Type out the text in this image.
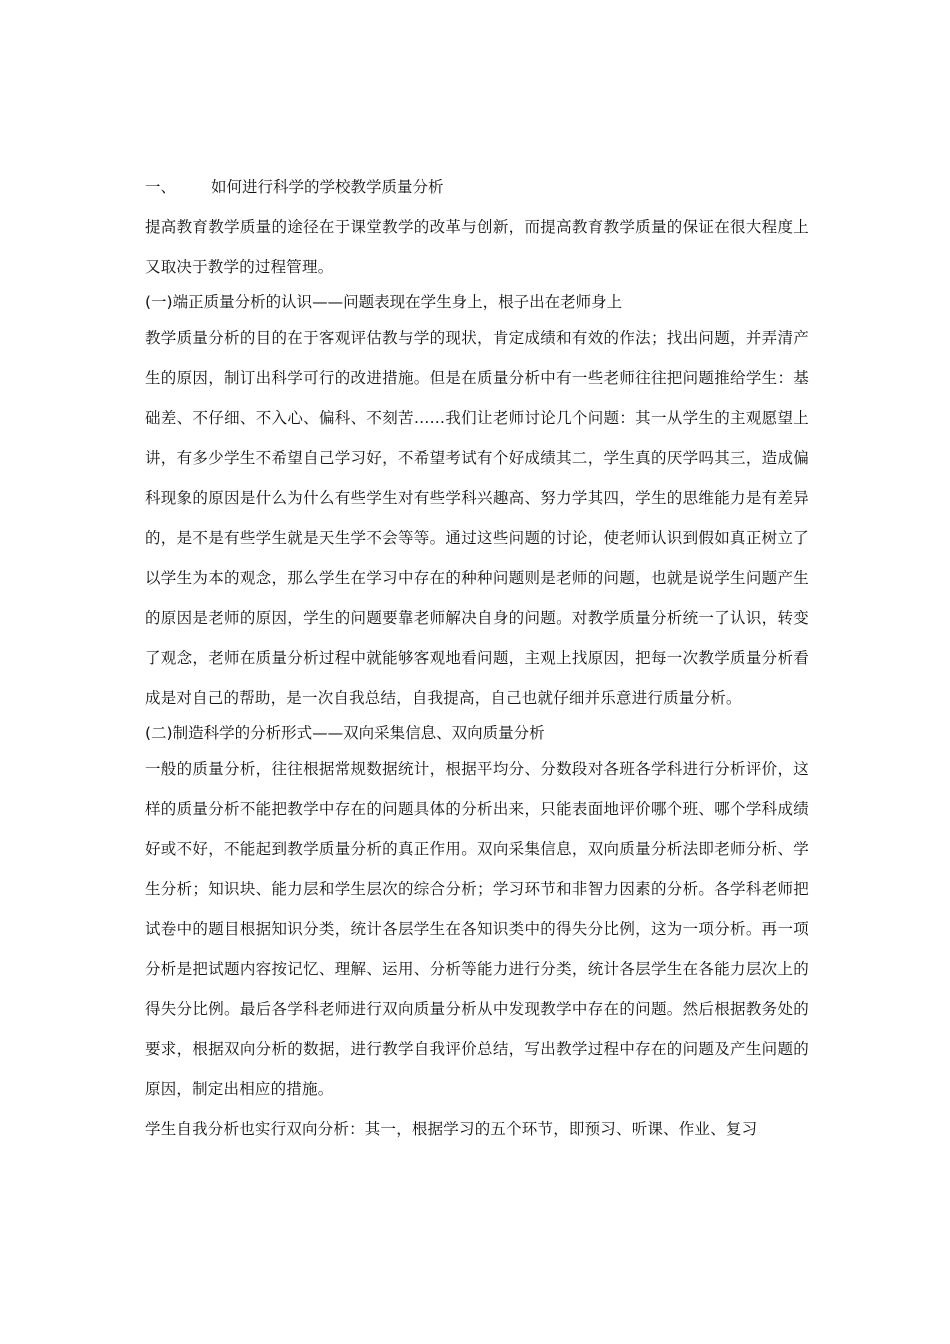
一、 如何进行科学的学校教学质量分析

提高教育教学质量的途径在于课堂教学的改革与创新，而提高教育教学质量的保证在很大程度上又取决于教学的过程管理。

(一)端正质量分析的认识——问题表现在学生身上，根子出在老师身上

教学质量分析的目的在于客观评估教与学的现状，肯定成绩和有效的作法；找出问题，并弄清产生的原因，制订出科学可行的改进措施。但是在质量分析中有一些老师往往把问题推给学生：基础差、不仔细、不入心、偏科、不刻苦……我们让老师讨论几个问题：其一从学生的主观愿望上讲，有多少学生不希望自己学习好，不希望考试有个好成绩其二，学生真的厌学吗其三，造成偏科现象的原因是什么为什么有些学生对有些学科兴趣高、努力学其四，学生的思维能力是有差异的，是不是有些学生就是天生学不会等等。通过这些问题的讨论，使老师认识到假如真正树立了以学生为本的观念，那么学生在学习中存在的种种问题则是老师的问题，也就是说学生问题产生的原因是老师的原因，学生的问题要靠老师解决自身的问题。对教学质量分析统一了认识，转变了观念，老师在质量分析过程中就能够客观地看问题，主观上找原因，把每一次教学质量分析看成是对自己的帮助，是一次自我总结，自我提高，自己也就仔细并乐意进行质量分析。

(二)制造科学的分析形式——双向采集信息、双向质量分析

一般的质量分析，往往根据常规数据统计，根据平均分、分数段对各班各学科进行分析评价，这样的质量分析不能把教学中存在的问题具体的分析出来，只能表面地评价哪个班、哪个学科成绩好或不好，不能起到教学质量分析的真正作用。双向采集信息，双向质量分析法即老师分析、学生分析；知识块、能力层和学生层次的综合分析；学习环节和非智力因素的分析。各学科老师把试卷中的题目根据知识分类，统计各层学生在各知识类中的得失分比例，这为一项分析。再一项分析是把试题内容按记忆、理解、运用、分析等能力进行分类，统计各层学生在各能力层次上的得失分比例。最后各学科老师进行双向质量分析从中发现教学中存在的问题。然后根据教务处的要求，根据双向分析的数据，进行教学自我评价总结，写出教学过程中存在的问题及产生问题的原因，制定出相应的措施。

学生自我分析也实行双向分析：其一，根据学习的五个环节，即预习、听课、作业、复习
